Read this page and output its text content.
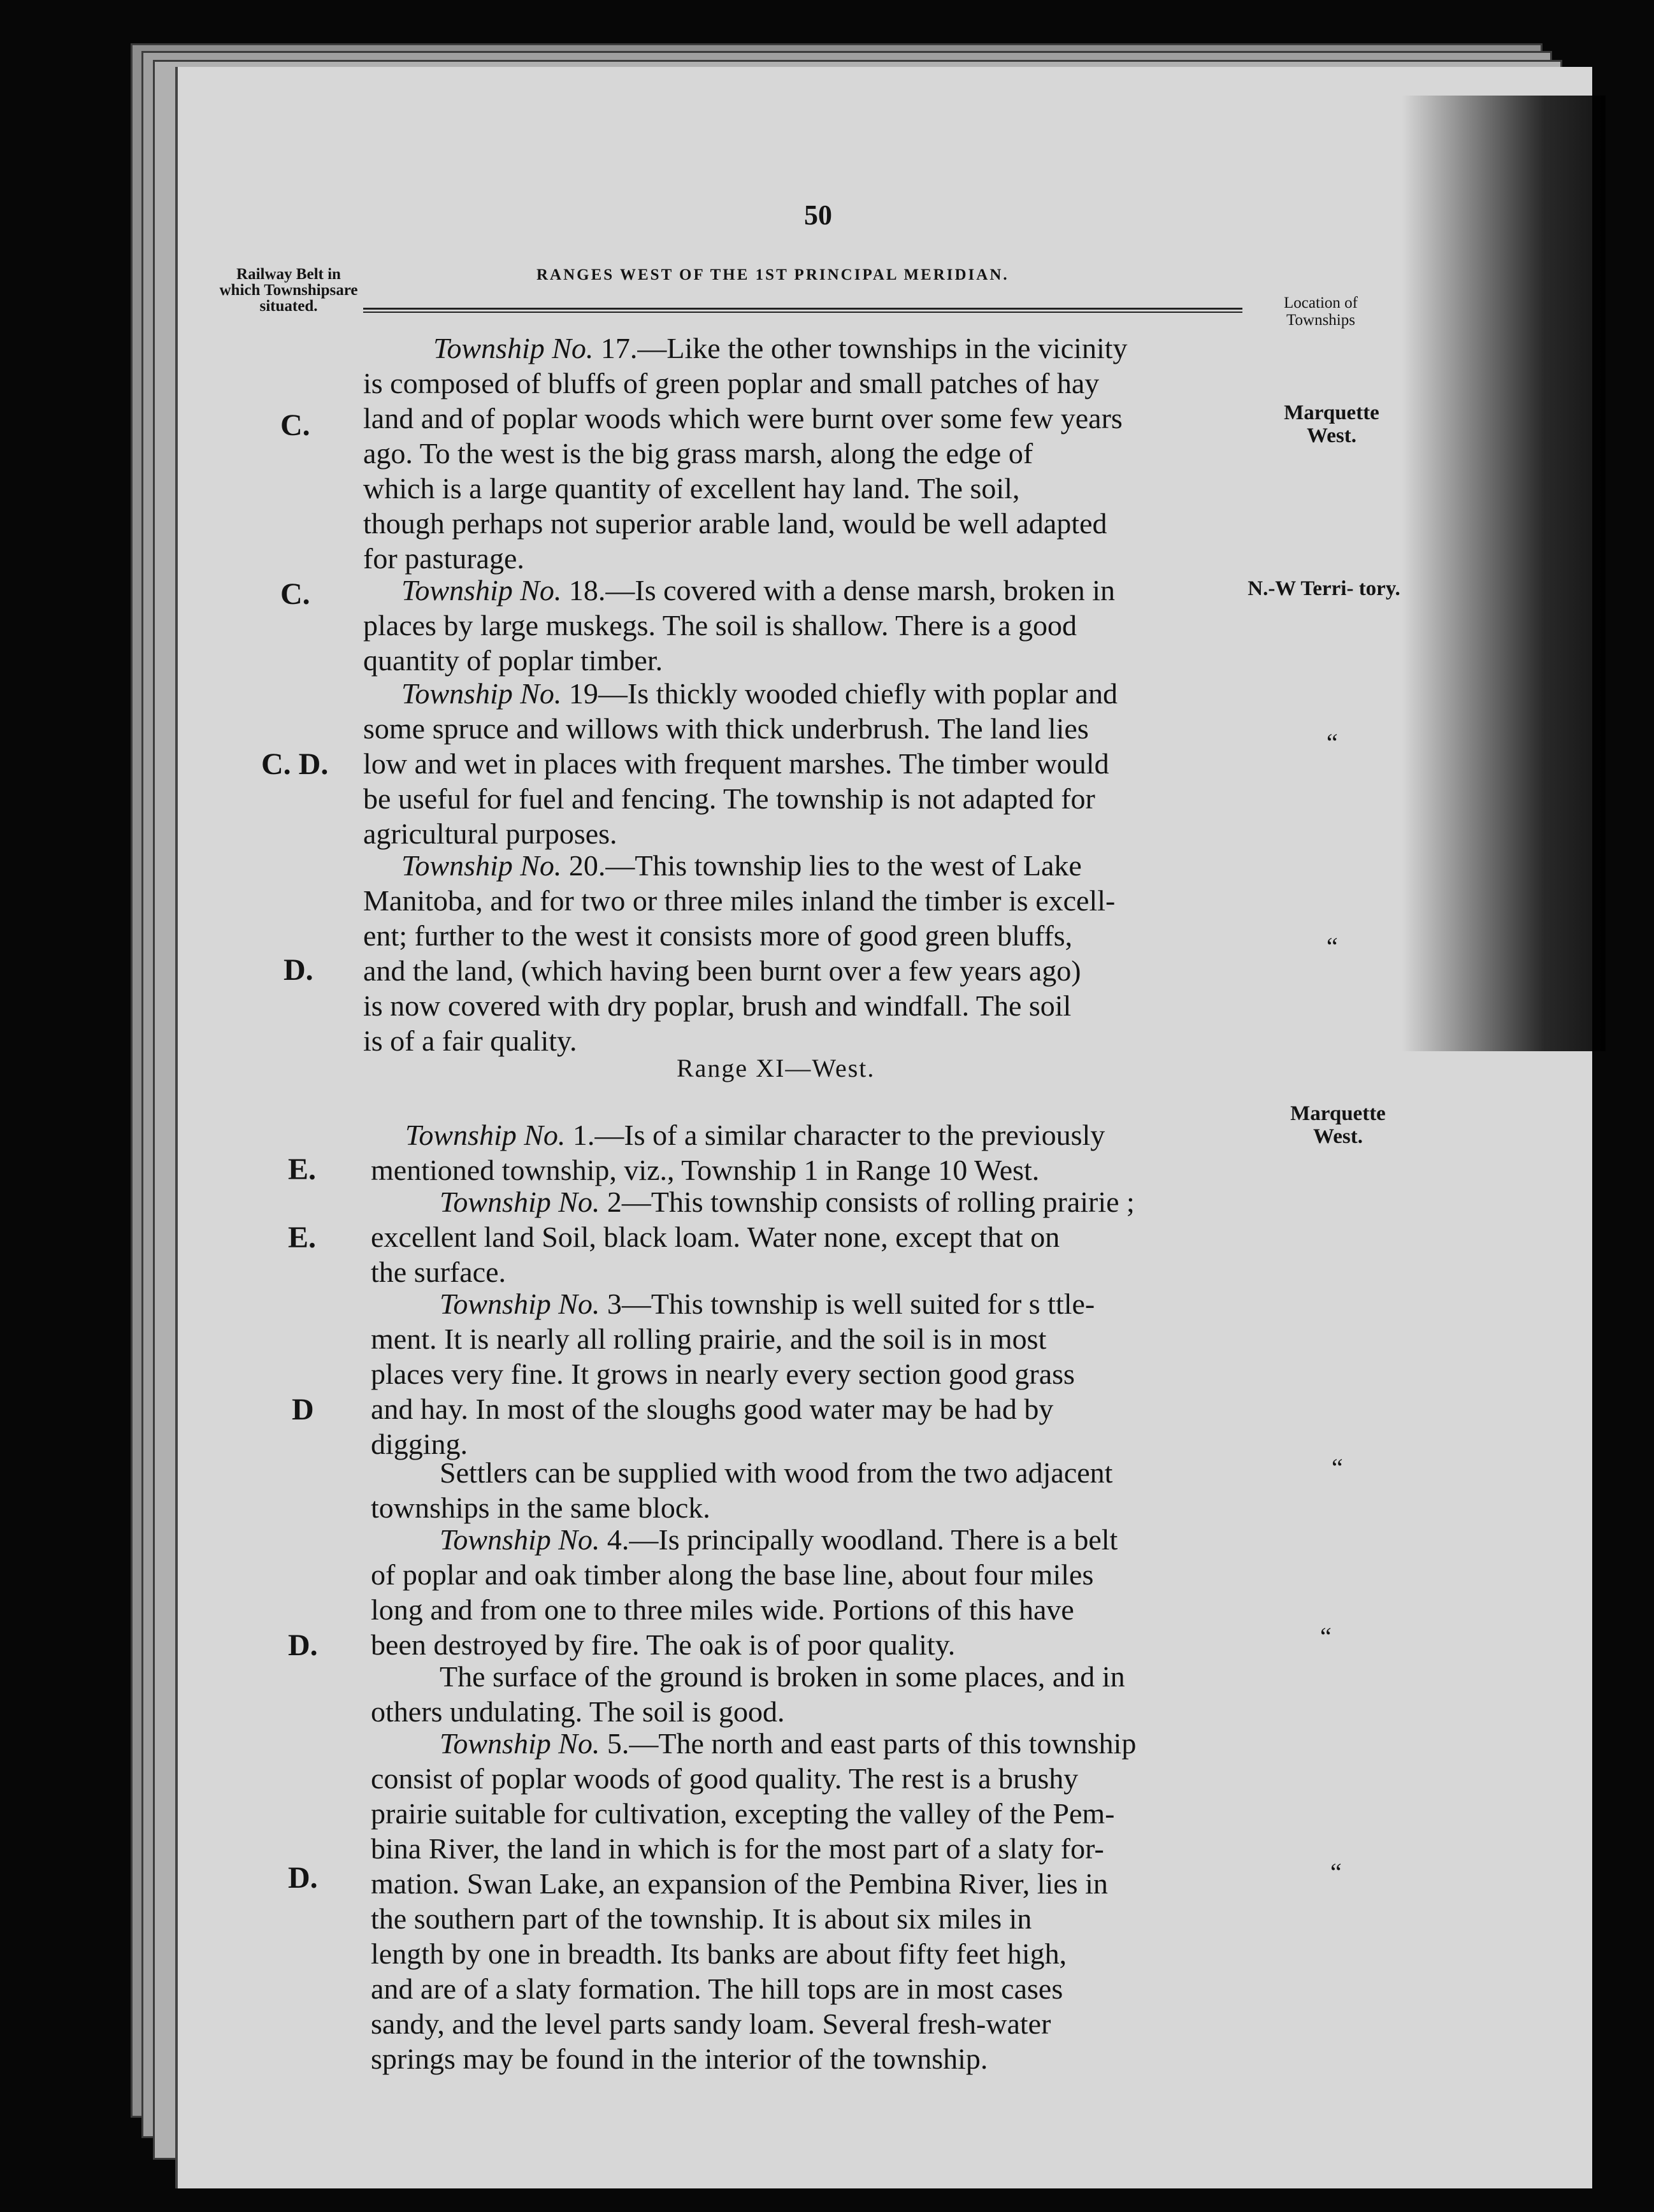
50
RANGES WEST OF THE 1ST PRINCIPAL MERIDIAN.
Railway Belt in which Townshipsare situated.	Location of Townships
Township No. 17.—Like the other townships in the vicinity
is composed of bluffs of green poplar and small patches of hay
land and of poplar woods which were burnt over some few years
ago. To the west is the big grass marsh, along the edge of
which is a large quantity of excellent hay land. The soil,
though perhaps not superior arable land, would be well adapted
for pasturage.
Township No. 18.—Is covered with a dense marsh, broken in
places by large muskegs. The soil is shallow. There is a good
quantity of poplar timber.
Township No. 19—Is thickly wooded chiefly with poplar and
some spruce and willows with thick underbrush. The land lies
low and wet in places with frequent marshes. The timber would
be useful for fuel and fencing. The township is not adapted for
agricultural purposes.
Township No. 20.—This township lies to the west of Lake
Manitoba, and for two or three miles inland the timber is excell-
ent; further to the west it consists more of good green bluffs,
and the land, (which having been burnt over a few years ago)
is now covered with dry poplar, brush and windfall. The soil
is of a fair quality.
Range XI—West.
Township No. 1.—Is of a similar character to the previously
mentioned township, viz., Township 1 in Range 10 West.
Township No. 2—This township consists of rolling prairie ;
excellent land Soil, black loam. Water none, except that on
the surface.
Township No. 3—This township is well suited for s ttle-
ment. It is nearly all rolling prairie, and the soil is in most
places very fine. It grows in nearly every section good grass
and hay. In most of the sloughs good water may be had by
digging.
Settlers can be supplied with wood from the two adjacent
townships in the same block.
Township No. 4.—Is principally woodland. There is a belt
of poplar and oak timber along the base line, about four miles
long and from one to three miles wide. Portions of this have
been destroyed by fire. The oak is of poor quality.
The surface of the ground is broken in some places, and in
others undulating. The soil is good.
Township No. 5.—The north and east parts of this township
consist of poplar woods of good quality. The rest is a brushy
prairie suitable for cultivation, excepting the valley of the Pem-
bina River, the land in which is for the most part of a slaty for-
mation. Swan Lake, an expansion of the Pembina River, lies in
the southern part of the township. It is about six miles in
length by one in breadth. Its banks are about fifty feet high,
and are of a slaty formation. The hill tops are in most cases
sandy, and the level parts sandy loam. Several fresh-water
springs may be found in the interior of the township.
C.
C.
C. D.
D.
E.
E.
D
D.
D.
Marquette West.
N.-W Terri- tory.
Marquette West.
“
“
“
“
“
